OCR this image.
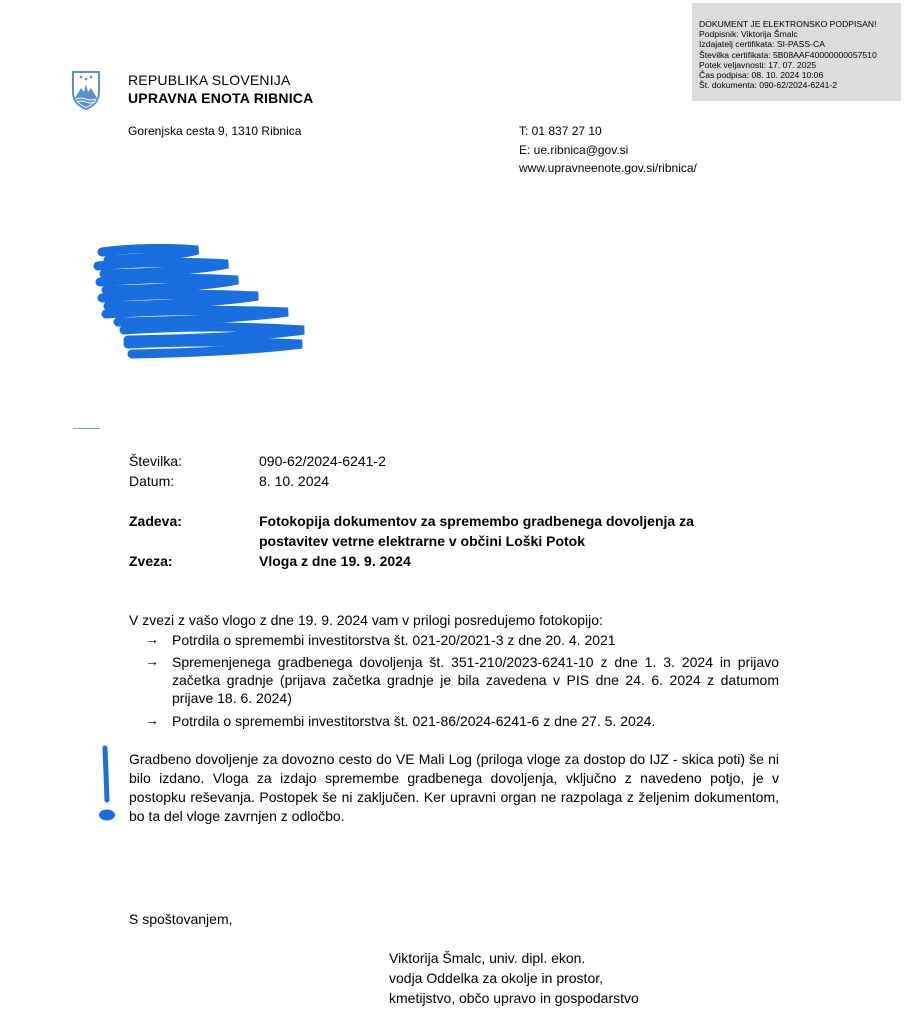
DOKUMENT JE ELEKTRONSKO PODPISAN!
Podpisnik: Viktorija Šmalc
Izdajatelj certifikata: SI-PASS-CA
Številka certifikata: 5B08AAF40000000057510
Potek veljavnosti: 17. 07. 2025
Čas podpisa: 08. 10. 2024 10:06
Št. dokumenta: 090-62/2024-6241-2
REPUBLIKA SLOVENIJA
UPRAVNA ENOTA RIBNICA
Gorenjska cesta 9, 1310 Ribnica	T: 01 837 27 10
E: ue.ribnica@gov.si
www.upravneenote.gov.si/ribnica/
Številka:	090-62/2024-6241-2
Datum:	8. 10. 2024
Zadeva:	Fotokopija dokumentov za spremembo gradbenega dovoljenja za
postavitev vetrne elektrarne v občini Loški Potok
Zveza:	Vloga z dne 19. 9. 2024
V zvezi z vašo vlogo z dne 19. 9. 2024 vam v prilogi posredujemo fotokopijo:
→ Potrdila o spremembi investitorstva št. 021-20/2021-3 z dne 20. 4. 2021
→ Spremenjenega gradbenega dovoljenja št. 351-210/2023-6241-10 z dne 1. 3. 2024 in prijavo začetka gradnje (prijava začetka gradnje je bila zavedena v PIS dne 24. 6. 2024 z datumom prijave 18. 6. 2024)
→ Potrdila o spremembi investitorstva št. 021-86/2024-6241-6 z dne 27. 5. 2024.
Gradbeno dovoljenje za dovozno cesto do VE Mali Log (priloga vloge za dostop do IJZ - skica poti) še ni bilo izdano. Vloga za izdajo spremembe gradbenega dovoljenja, vključno z navedeno potjo, je v postopku reševanja. Postopek še ni zaključen. Ker upravni organ ne razpolaga z željenim dokumentom, bo ta del vloge zavrnjen z odločbo.
S spoštovanjem,
Viktorija Šmalc, univ. dipl. ekon.
vodja Oddelka za okolje in prostor,
kmetijstvo, občo upravo in gospodarstvo
